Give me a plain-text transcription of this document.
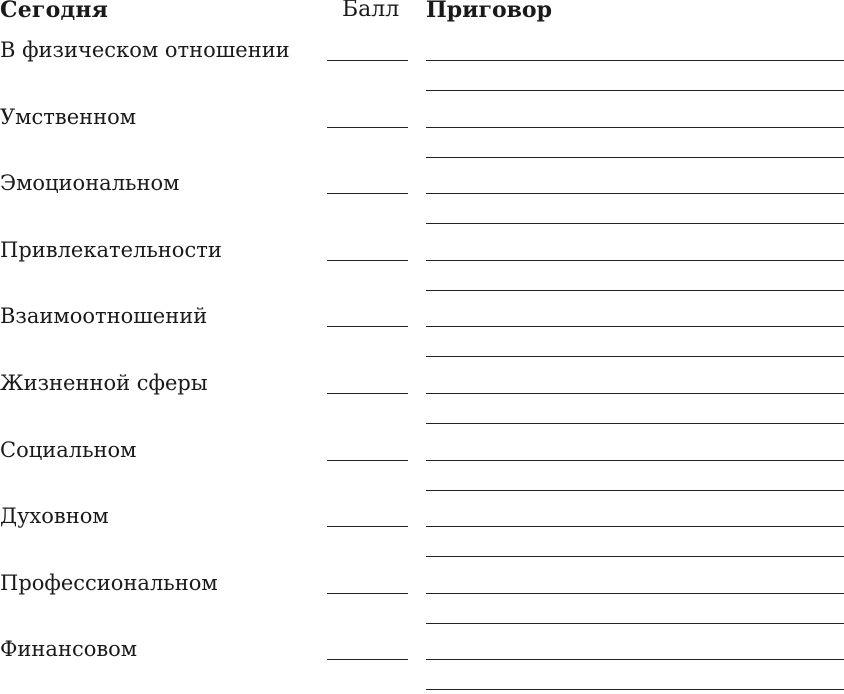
Сегодня	Балл Приговор
В физическом отношении
Умственном
Эмоциональном
Привлекательности
Взаимоотношений
Жизненной сферы
Социальном
Духовном
Профессиональном
Финансовом
